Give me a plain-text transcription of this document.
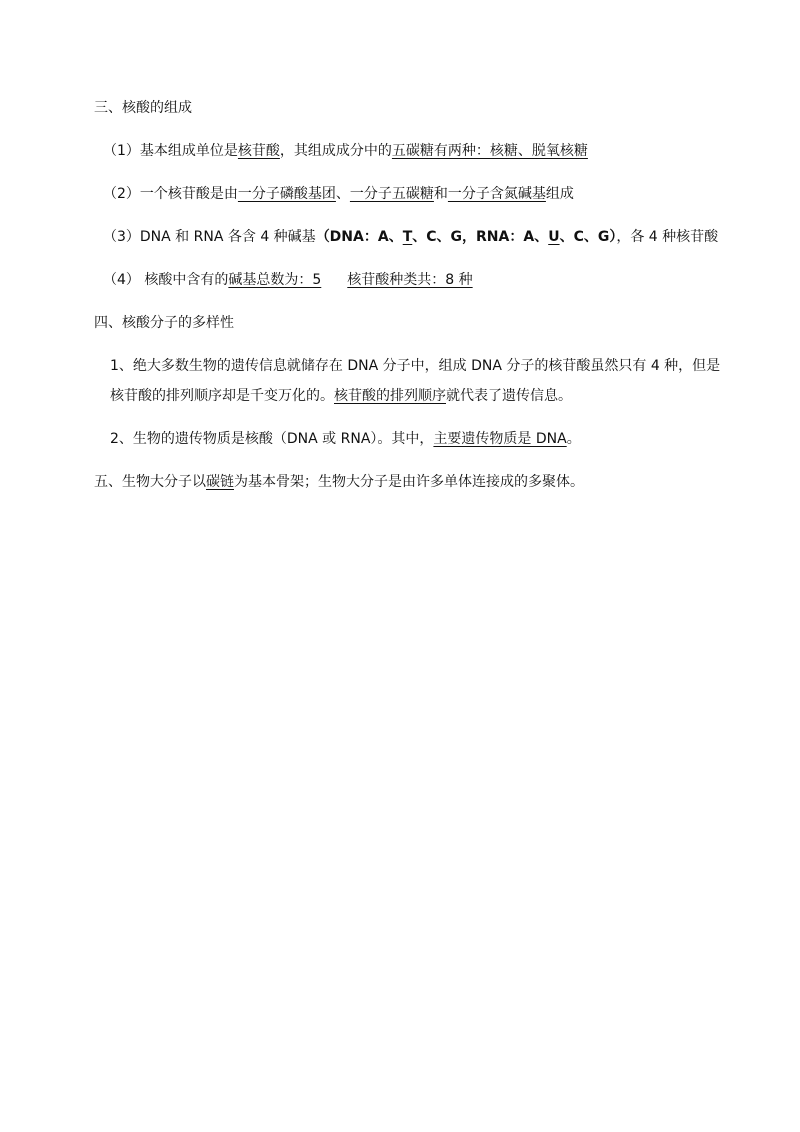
三、核酸的组成
（1）基本组成单位是核苷酸，其组成成分中的五碳糖有两种：核糖、脱氧核糖
（2）一个核苷酸是由一分子磷酸基团、一分子五碳糖和一分子含氮碱基组成
（3）DNA 和 RNA 各含 4 种碱基（DNA：A、T、C、G，RNA：A、U、C、G），各 4 种核苷酸
（4） 核酸中含有的碱基总数为：5 核苷酸种类共：8 种
四、核酸分子的多样性
1、绝大多数生物的遗传信息就储存在 DNA 分子中，组成 DNA 分子的核苷酸虽然只有 4 种，但是
核苷酸的排列顺序却是千变万化的。核苷酸的排列顺序就代表了遗传信息。
2、生物的遗传物质是核酸（DNA 或 RNA）。其中，主要遗传物质是 DNA。
五、生物大分子以碳链为基本骨架；生物大分子是由许多单体连接成的多聚体。
